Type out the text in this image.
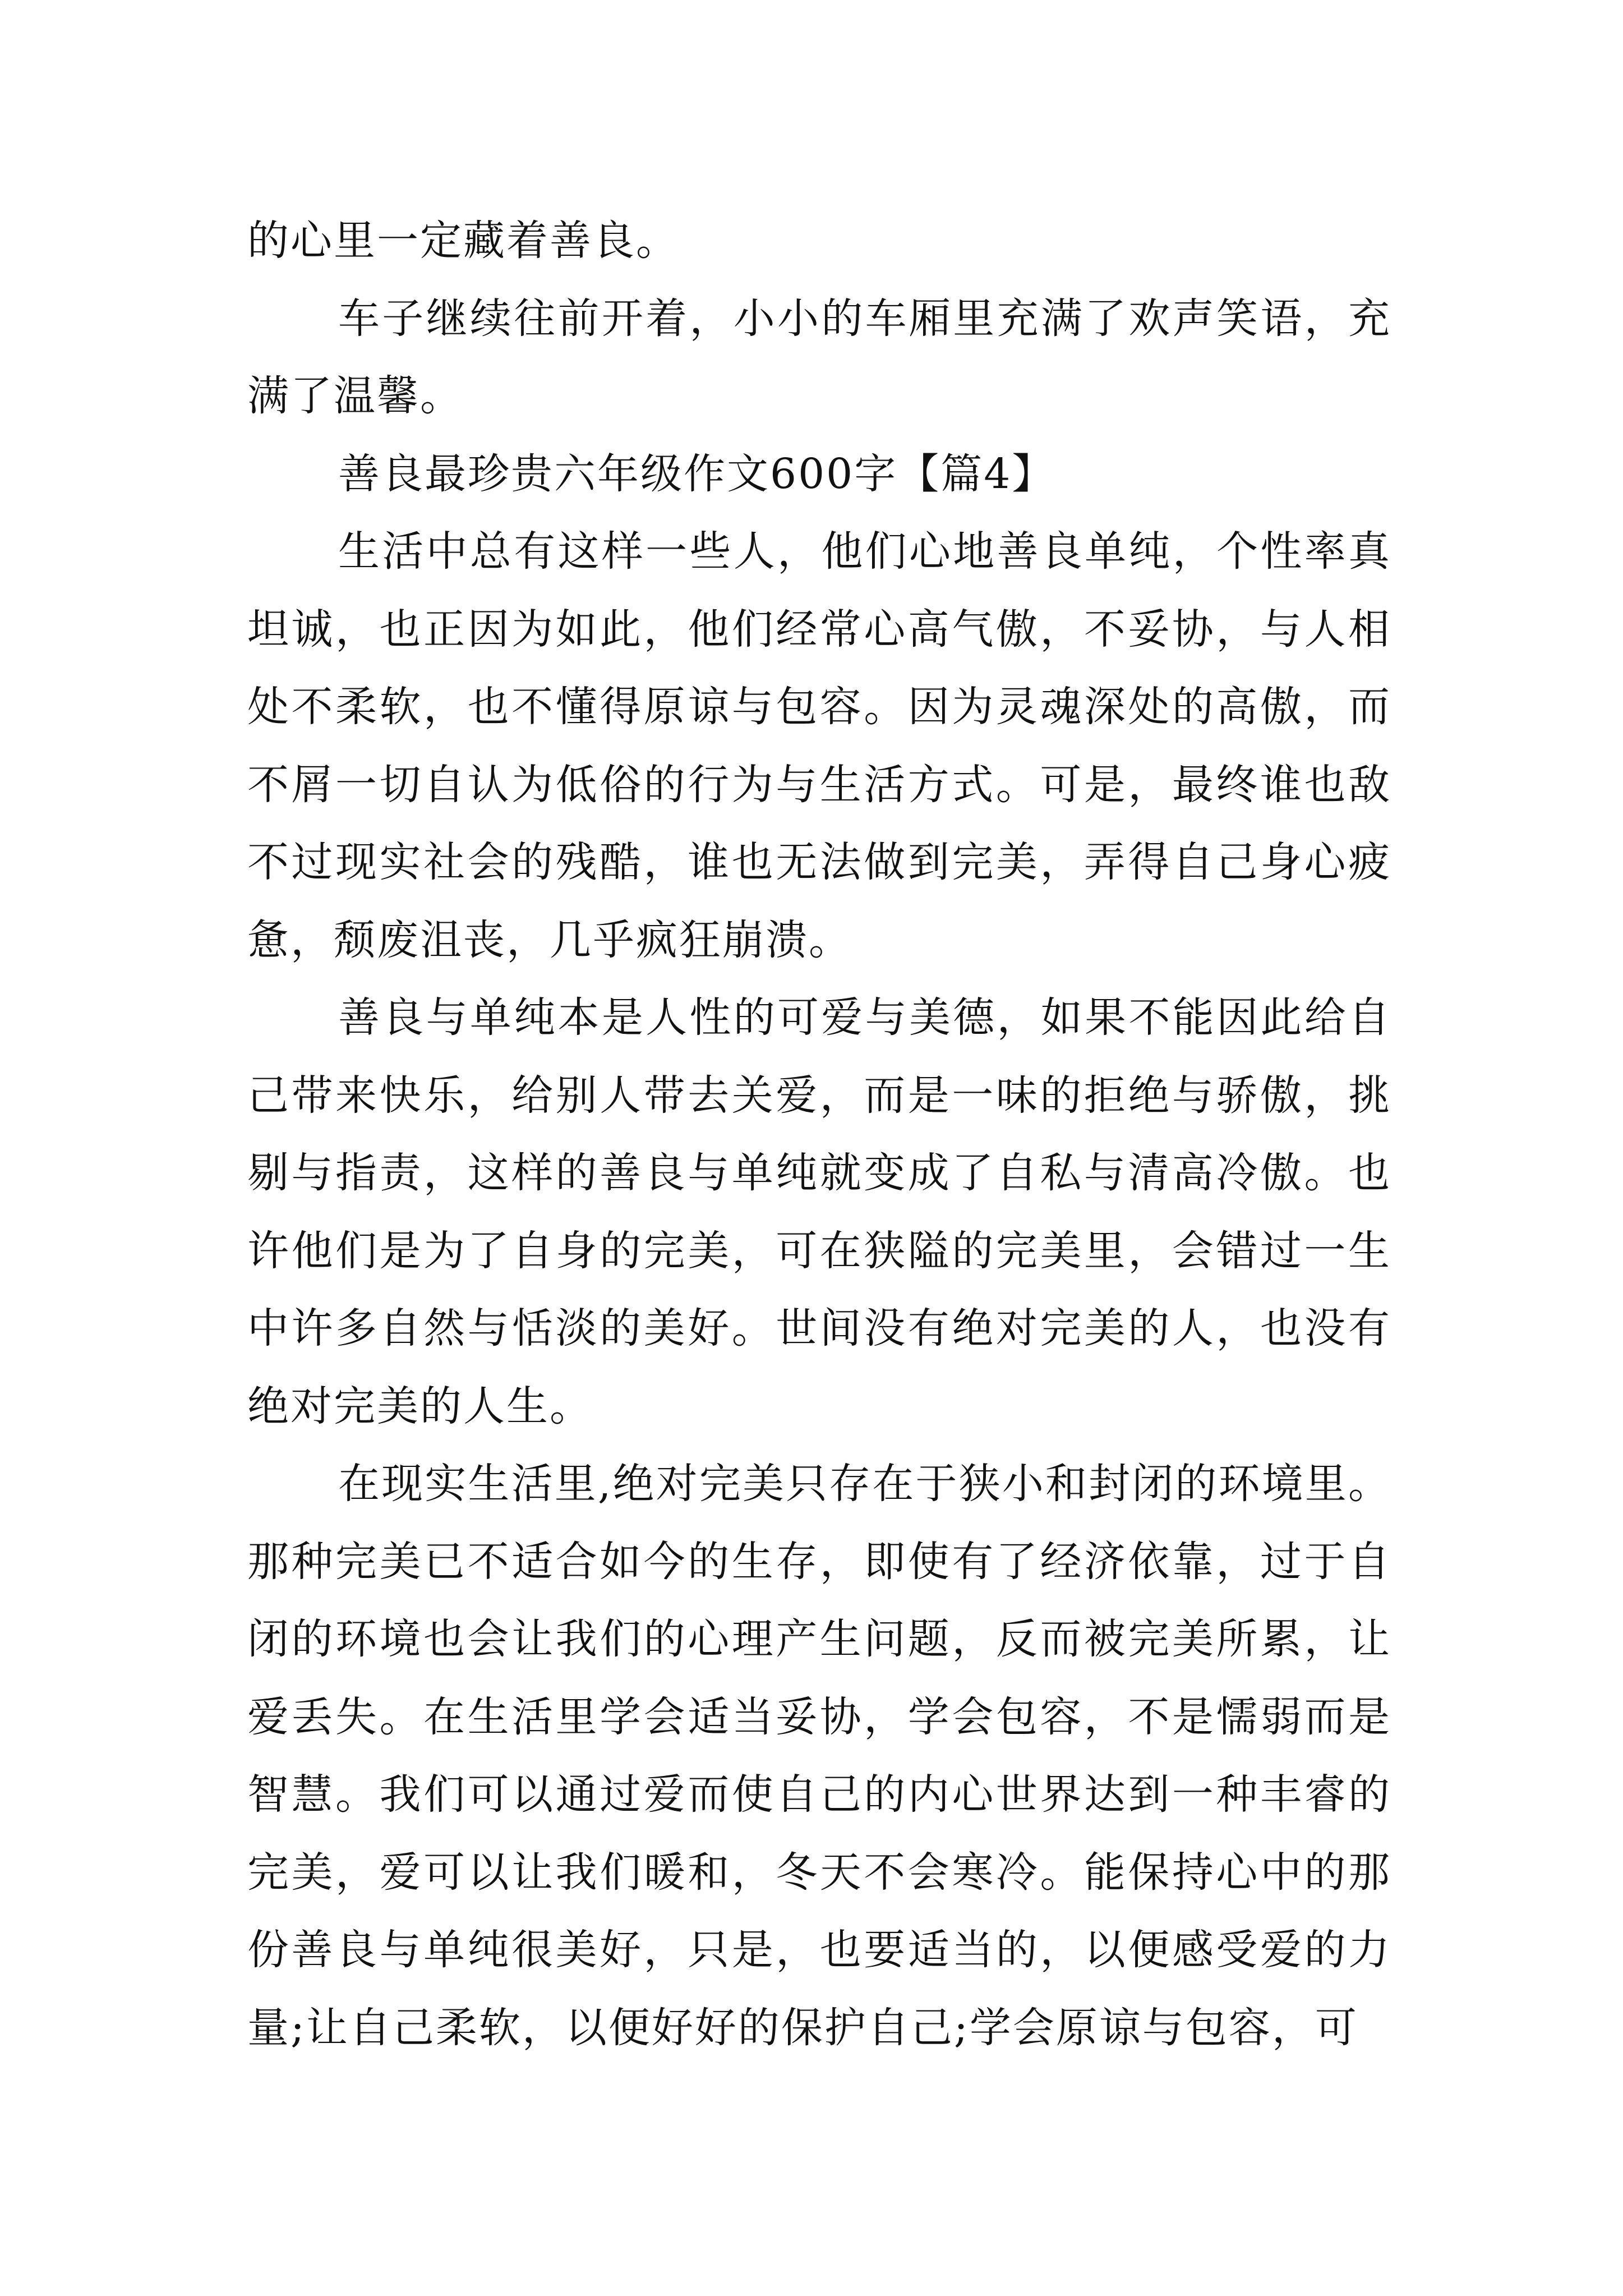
的心里一定藏着善良。

车子继续往前开着，小小的车厢里充满了欢声笑语，充满了温馨。

善良最珍贵六年级作文600字【篇4】

生活中总有这样一些人，他们心地善良单纯，个性率真坦诚，也正因为如此，他们经常心高气傲，不妥协，与人相处不柔软，也不懂得原谅与包容。因为灵魂深处的高傲，而不屑一切自认为低俗的行为与生活方式。可是，最终谁也敌不过现实社会的残酷，谁也无法做到完美，弄得自己身心疲惫，颓废沮丧，几乎疯狂崩溃。

善良与单纯本是人性的可爱与美德，如果不能因此给自己带来快乐，给别人带去关爱，而是一味的拒绝与骄傲，挑剔与指责，这样的善良与单纯就变成了自私与清高冷傲。也许他们是为了自身的完美，可在狭隘的完美里，会错过一生中许多自然与恬淡的美好。世间没有绝对完美的人，也没有绝对完美的人生。

在现实生活里,绝对完美只存在于狭小和封闭的环境里。那种完美已不适合如今的生存，即使有了经济依靠，过于自闭的环境也会让我们的心理产生问题，反而被完美所累，让爱丢失。在生活里学会适当妥协，学会包容，不是懦弱而是智慧。我们可以通过爱而使自己的内心世界达到一种丰睿的完美，爱可以让我们暖和，冬天不会寒冷。能保持心中的那份善良与单纯很美好，只是，也要适当的，以便感受爱的力量;让自己柔软，以便好好的保护自己;学会原谅与包容，可
